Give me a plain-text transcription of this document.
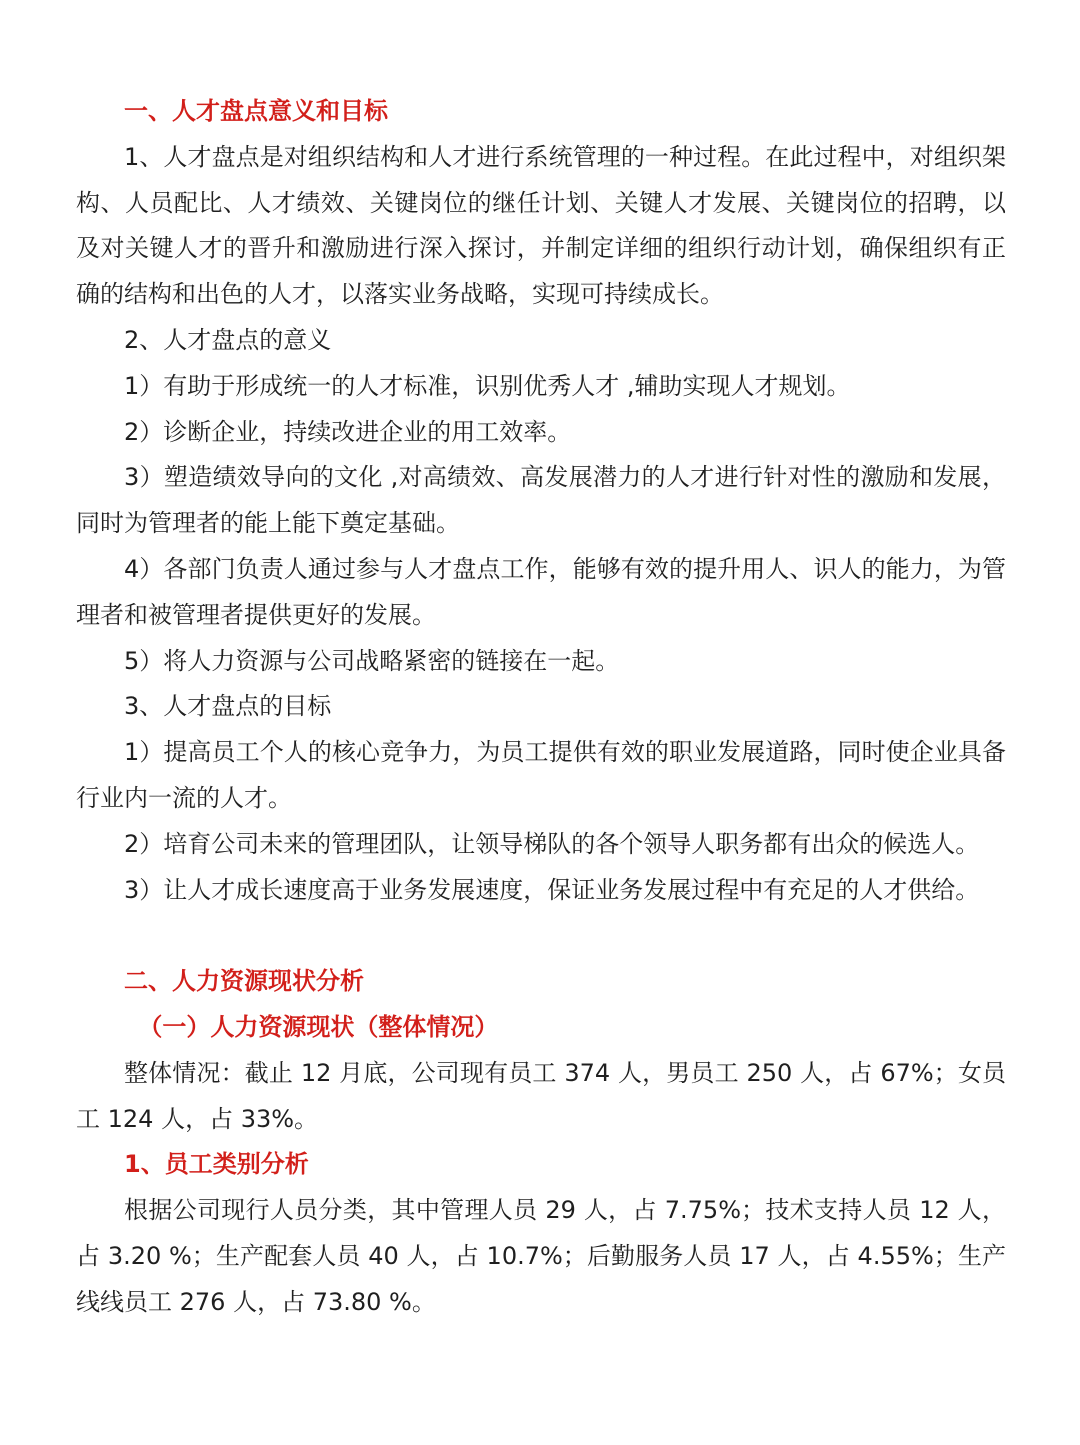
一、人才盘点意义和目标

1、人才盘点是对组织结构和人才进行系统管理的一种过程。在此过程中，对组织架构、人员配比、人才绩效、关键岗位的继任计划、关键人才发展、关键岗位的招聘，以及对关键人才的晋升和激励进行深入探讨，并制定详细的组织行动计划，确保组织有正确的结构和出色的人才，以落实业务战略，实现可持续成长。

2、人才盘点的意义

1）有助于形成统一的人才标准，识别优秀人才 ,辅助实现人才规划。

2）诊断企业，持续改进企业的用工效率。

3）塑造绩效导向的文化 ,对高绩效、高发展潜力的人才进行针对性的激励和发展，同时为管理者的能上能下奠定基础。

4）各部门负责人通过参与人才盘点工作，能够有效的提升用人、识人的能力，为管理者和被管理者提供更好的发展。

5）将人力资源与公司战略紧密的链接在一起。

3、人才盘点的目标

1）提高员工个人的核心竞争力，为员工提供有效的职业发展道路，同时使企业具备行业内一流的人才。

2）培育公司未来的管理团队，让领导梯队的各个领导人职务都有出众的候选人。

3）让人才成长速度高于业务发展速度，保证业务发展过程中有充足的人才供给。

二、人力资源现状分析

（一）人力资源现状（整体情况）

整体情况：截止 12 月底，公司现有员工 374 人，男员工 250 人，占 67%；女员工 124 人，占 33%。

1、员工类别分析

根据公司现行人员分类，其中管理人员 29 人，占 7.75%；技术支持人员 12 人，占 3.20 %；生产配套人员 40 人，占 10.7%；后勤服务人员 17 人，占 4.55%；生产线线员工 276 人，占 73.80 %。
